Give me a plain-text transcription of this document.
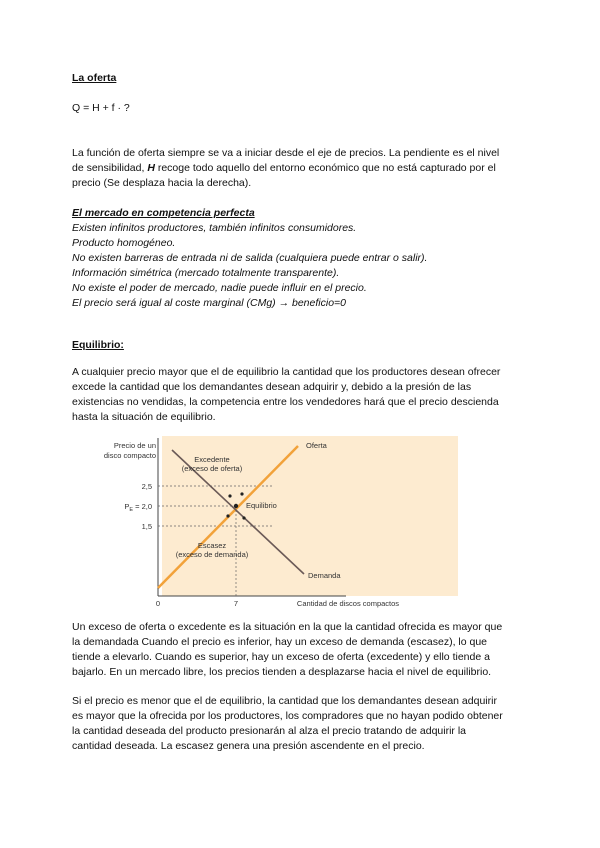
La oferta

Q = H + f · ?

La función de oferta siempre se va a iniciar desde el eje de precios. La pendiente es el nivel

de sensibilidad, H recoge todo aquello del entorno económico que no está capturado por el

precio (Se desplaza hacia la derecha).

El mercado en competencia perfecta

Existen infinitos productores, también infinitos consumidores.

Producto homogéneo.

No existen barreras de entrada ni de salida (cualquiera puede entrar o salir).

Información simétrica (mercado totalmente transparente).

No existe el poder de mercado, nadie puede influir en el precio.

El precio será igual al coste marginal (CMg) → beneficio=0

Equilibrio:

A cualquier precio mayor que el de equilibrio la cantidad que los productores desean ofrecer

excede la cantidad que los demandantes desean adquirir y, debido a la presión de las

existencias no vendidas, la competencia entre los vendedores hará que el precio descienda

hasta la situación de equilibrio.

Precio de un
disco compacto
2,5
$P_E = 2,0$
1,5
0	7	Cantidad de discos compactos
Oferta
Demanda
Excedente
(exceso de oferta)
Equilibrio
Escasez
(exceso de demanda)

Un exceso de oferta o excedente es la situación en la que la cantidad ofrecida es mayor que

la demandada Cuando el precio es inferior, hay un exceso de demanda (escasez), lo que

tiende a elevarlo. Cuando es superior, hay un exceso de oferta (excedente) y ello tiende a

bajarlo. En un mercado libre, los precios tienden a desplazarse hacia el nivel de equilibrio.

Si el precio es menor que el de equilibrio, la cantidad que los demandantes desean adquirir

es mayor que la ofrecida por los productores, los compradores que no hayan podido obtener

la cantidad deseada del producto presionarán al alza el precio tratando de adquirir la

cantidad deseada. La escasez genera una presión ascendente en el precio.
